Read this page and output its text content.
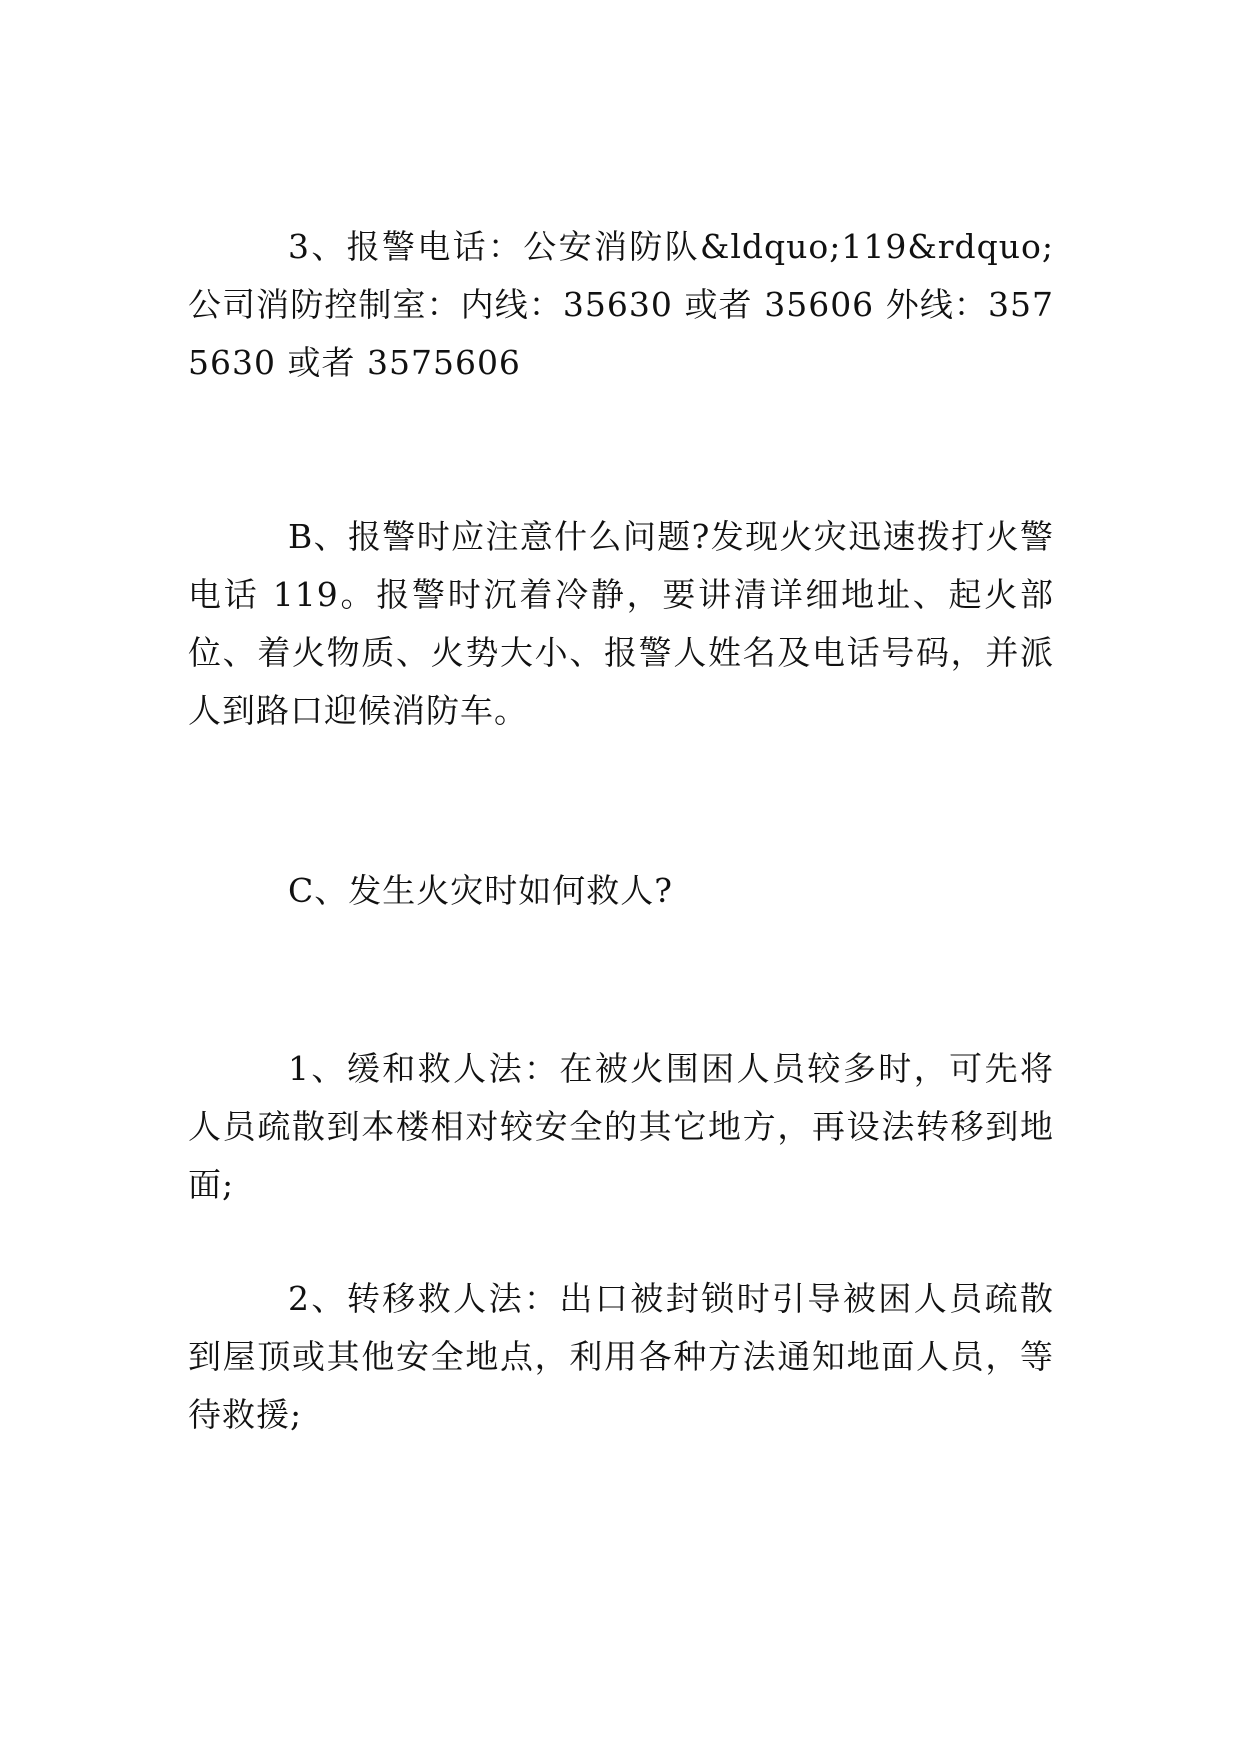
3、报警电话：公安消防队&ldquo;119&rdquo;公司消防控制室：内线：35630 或者 35606 外线：3575630 或者 3575606

B、报警时应注意什么问题?发现火灾迅速拨打火警电话 119。报警时沉着冷静，要讲清详细地址、起火部位、着火物质、火势大小、报警人姓名及电话号码，并派人到路口迎候消防车。

C、发生火灾时如何救人?

1、缓和救人法：在被火围困人员较多时，可先将人员疏散到本楼相对较安全的其它地方，再设法转移到地面;

2、转移救人法：出口被封锁时引导被困人员疏散到屋顶或其他安全地点，利用各种方法通知地面人员，等待救援;
